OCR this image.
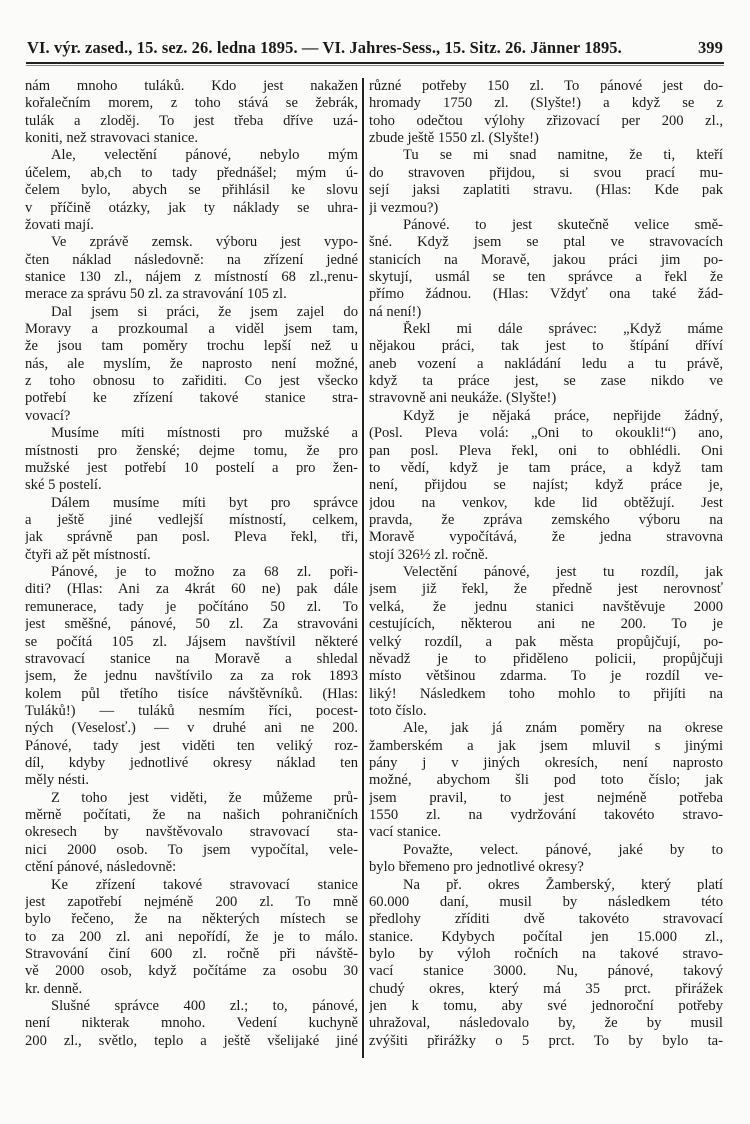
VI. výr. zased., 15. sez. 26. ledna 1895. — VI. Jahres-Sess., 15. Sitz. 26. Jänner 1895.	399
nám mnoho tuláků. Kdo jest nakažen
kořalečním morem, z toho stává se žebrák,
tulák a zloděj. To jest třeba dříve uzá-
koniti, než stravovaci stanice.
Ale, velectění pánové, nebylo mým
účelem, ab,ch to tady přednášel; mým ú-
čelem bylo, abych se přihlásil ke slovu
v příčině otázky, jak ty náklady se uhra-
žovati mají.
Ve zprávě zemsk. výboru jest vypo-
čten náklad následovně: na zřízení jedné
stanice 130 zl., nájem z místností 68 zl.,renu-
merace za správu 50 zl. za stravování 105 zl.
Dal jsem si práci, že jsem zajel do
Moravy a prozkoumal a viděl jsem tam,
že jsou tam poměry trochu lepší než u
nás, ale myslím, že naprosto není možné,
z toho obnosu to zařiditi. Co jest všecko
potřebí ke zřízení takové stanice stra-
vovací?
Musíme míti místnosti pro mužské a
místnosti pro ženské; dejme tomu, že pro
mužské jest potřebí 10 postelí a pro žen-
ské 5 postelí.
Dálem musíme míti byt pro správce
a ještě jiné vedlejší místností, celkem,
jak správně pan posl. Pleva řekl, tři,
čtyři až pět místností.
Pánové, je to možno za 68 zl. poři-
diti? (Hlas: Ani za 4krát 60 ne) pak dále
remunerace, tady je počítáno 50 zl. To
jest směšné, pánové, 50 zl. Za stravováni
se počítá 105 zl. Jájsem navštívil některé
stravovací stanice na Moravě a shledal
jsem, že jednu navštívilo za za rok 1893
kolem půl třetího tisíce návštěvníků. (Hlas:
Tuláků!) — tuláků nesmím říci, pocest-
ných (Veselosť.) — v druhé ani ne 200.
Pánové, tady jest viděti ten veliký roz-
díl, kdyby jednotlivé okresy náklad ten
měly nésti.
Z toho jest viděti, že můžeme prů-
měrně počítati, že na našich pohraničních
okresech by navštěvovalo stravovací sta-
nici 2000 osob. To jsem vypočítal, vele-
ctění pánové, následovně:
Ke zřízení takové stravovací stanice
jest zapotřebí nejméně 200 zl. To mně
bylo řečeno, že na některých místech se
to za 200 zl. ani nepořídí, že je to málo.
Stravování činí 600 zl. ročně při návště-
vě 2000 osob, když počítáme za osobu 30
kr. denně.
Slušné správce 400 zl.; to, pánové,
není nikterak mnoho. Vedení kuchyně
200 zl., světlo, teplo a ještě všelijaké jiné
různé potřeby 150 zl. To pánové jest do-
hromady 1750 zl. (Slyšte!) a když se z
toho odečtou výlohy zřizovací per 200 zl.,
zbude ještě 1550 zl. (Slyšte!)
Tu se mi snad namitne, že ti, kteří
do stravoven přijdou, si svou prací mu-
sejí jaksi zaplatiti stravu. (Hlas: Kde pak
ji vezmou?)
Pánové. to jest skutečně velice smě-
šné. Když jsem se ptal ve stravovacích
stanicích na Moravě, jakou práci jim po-
skytují, usmál se ten správce a řekl že
přímo žádnou. (Hlas: Vždyť ona také žád-
ná není!)
Řekl mi dále správec: „Když máme
nějakou práci, tak jest to štípání dříví
aneb vození a nakládání ledu a tu právě,
když ta práce jest, se zase nikdo ve
stravovně ani neukáže. (Slyšte!)
Když je nějaká práce, nepřijde žádný,
(Posl. Pleva volá: „Oni to okoukli!“) ano,
pan posl. Pleva řekl, oni to obhlédli. Oni
to vědí, když je tam práce, a když tam
není, přijdou se najíst; když práce je,
jdou na venkov, kde lid obtěžují. Jest
pravda, že zpráva zemského výboru na
Moravě vypočítává, že jedna stravovna
stojí 326½ zl. ročně.
Velectění pánové, jest tu rozdíl, jak
jsem již řekl, že předně jest nerovnosť
velká, že jednu stanici navštěvuje 2000
cestujících, některou ani ne 200. To je
velký rozdíl, a pak města propůjčují, po-
něvadž je to přiděleno policii, propůjčuji
místo většinou zdarma. To je rozdíl ve-
liký! Následkem toho mohlo to přijíti na
toto číslo.
Ale, jak já znám poměry na okrese
žamberském a jak jsem mluvil s jinými
pány j v jiných okresích, není naprosto
možné, abychom šli pod toto číslo; jak
jsem pravil, to jest nejméně potřeba
1550 zl. na vydržování takovéto stravo-
vací stanice.
Považte, velect. pánové, jaké by to
bylo břemeno pro jednotlivé okresy?
Na př. okres Žamberský, který platí
60.000 daní, musil by následkem této
předlohy zříditi dvě takovéto stravovací
stanice. Kdybych počítal jen 15.000 zl.,
bylo by výloh ročních na takové stravo-
vací stanice 3000. Nu, pánové, takový
chudý okres, který má 35 prct. přirážek
jen k tomu, aby své jednoroční potřeby
uhražoval, následovalo by, že by musil
zvýšiti přirážky o 5 prct. To by bylo ta-
